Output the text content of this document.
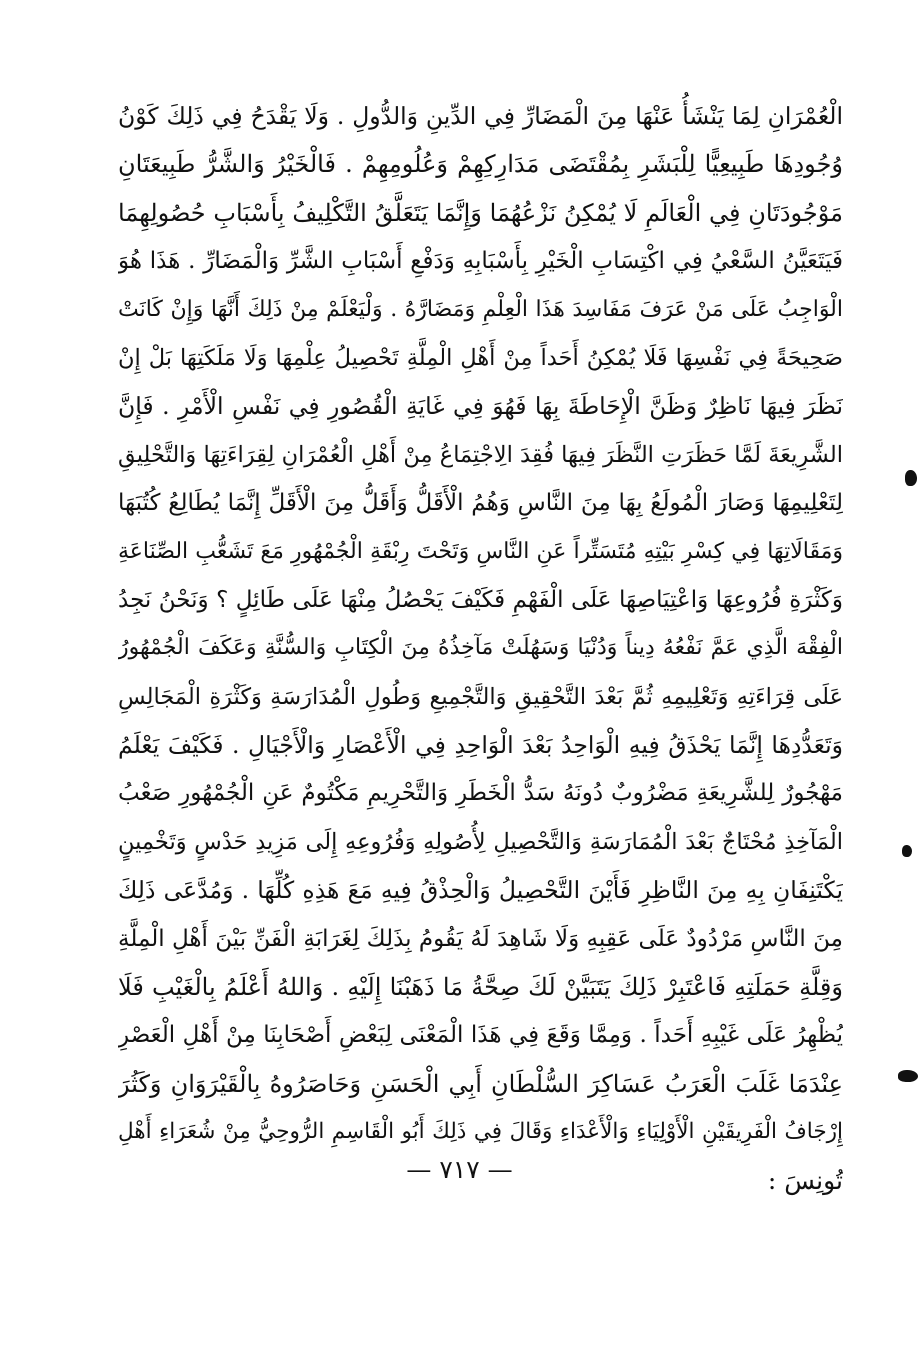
الْعُمْرَانِ لِمَا يَنْشَأُ عَنْهَا مِنَ الْمَضَارِّ فِي الدِّينِ وَالدُّولِ . وَلَا يَقْدَحُ فِي ذَلِكَ كَوْنُ
وُجُودِهَا طَبِيعِيًّا لِلْبَشَرِ بِمُقْتَضَى مَدَارِكِهِمْ وَعُلُومِهِمْ . فَالْخَيْرُ وَالشَّرُّ طَبِيعَتَانِ
مَوْجُودَتَانِ فِي الْعَالَمِ لَا يُمْكِنُ نَزْعُهُمَا وَإِنَّمَا يَتَعَلَّقُ التَّكْلِيفُ بِأَسْبَابِ حُصُولِهِمَا
فَيَتَعَيَّنُ السَّعْيُ فِي اكْتِسَابِ الْخَيْرِ بِأَسْبَابِهِ وَدَفْعِ أَسْبَابِ الشَّرِّ وَالْمَضَارِّ . هَذَا هُوَ
الْوَاجِبُ عَلَى مَنْ عَرَفَ مَفَاسِدَ هَذَا الْعِلْمِ وَمَضَارَّهُ . وَلْيَعْلَمْ مِنْ ذَلِكَ أَنَّهَا وَإِنْ كَانَتْ
صَحِيحَةً فِي نَفْسِهَا فَلَا يُمْكِنُ أَحَداً مِنْ أَهْلِ الْمِلَّةِ تَحْصِيلُ عِلْمِهَا وَلَا مَلَكَتِهَا بَلْ إِنْ
نَظَرَ فِيهَا نَاظِرٌ وَظَنَّ الْإِحَاطَةَ بِهَا فَهُوَ فِي غَايَةِ الْقُصُورِ فِي نَفْسِ الْأَمْرِ . فَإِنَّ
الشَّرِيعَةَ لَمَّا حَظَرَتِ النَّظَرَ فِيهَا فُقِدَ الِاجْتِمَاعُ مِنْ أَهْلِ الْعُمْرَانِ لِقِرَاءَتِهَا وَالتَّحْلِيقِ
لِتَعْلِيمِهَا وَصَارَ الْمُولَعُ بِهَا مِنَ النَّاسِ وَهُمُ الْأَقَلُّ وَأَقَلُّ مِنَ الْأَقَلِّ إِنَّمَا يُطَالِعُ كُتُبَهَا
وَمَقَالَاتِهَا فِي كِسْرِ بَيْتِهِ مُتَسَتِّراً عَنِ النَّاسِ وَتَحْتَ رِبْقَةِ الْجُمْهُورِ مَعَ تَشَعُّبِ الصِّنَاعَةِ
وَكَثْرَةِ فُرُوعِهَا وَاعْتِيَاصِهَا عَلَى الْفَهْمِ فَكَيْفَ يَحْصُلُ مِنْهَا عَلَى طَائِلٍ ؟ وَنَحْنُ نَجِدُ
الْفِقْهَ الَّذِي عَمَّ نَفْعُهُ دِيناً وَدُنْيَا وَسَهُلَتْ مَآخِذُهُ مِنَ الْكِتَابِ وَالسُّنَّةِ وَعَكَفَ الْجُمْهُورُ
عَلَى قِرَاءَتِهِ وَتَعْلِيمِهِ ثُمَّ بَعْدَ التَّحْقِيقِ وَالتَّجْمِيعِ وَطُولِ الْمُدَارَسَةِ وَكَثْرَةِ الْمَجَالِسِ
وَتَعَدُّدِهَا إِنَّمَا يَحْذَقُ فِيهِ الْوَاحِدُ بَعْدَ الْوَاحِدِ فِي الْأَعْصَارِ وَالْأَجْيَالِ . فَكَيْفَ يَعْلَمُ
مَهْجُورٌ لِلشَّرِيعَةِ مَضْرُوبٌ دُونَهُ سَدُّ الْخَطَرِ وَالتَّحْرِيمِ مَكْتُومٌ عَنِ الْجُمْهُورِ صَعْبُ
الْمَآخِذِ مُحْتَاجٌ بَعْدَ الْمُمَارَسَةِ وَالتَّحْصِيلِ لِأُصُولِهِ وَفُرُوعِهِ إِلَى مَزِيدِ حَدْسٍ وَتَخْمِينٍ
يَكْتَنِفَانِ بِهِ مِنَ النَّاظِرِ فَأَيْنَ التَّحْصِيلُ وَالْحِذْقُ فِيهِ مَعَ هَذِهِ كُلِّهَا . وَمُدَّعَى ذَلِكَ
مِنَ النَّاسِ مَرْدُودٌ عَلَى عَقِبِهِ وَلَا شَاهِدَ لَهُ يَقُومُ بِذَلِكَ لِغَرَابَةِ الْفَنِّ بَيْنَ أَهْلِ الْمِلَّةِ
وَقِلَّةِ حَمَلَتِهِ فَاعْتَبِرْ ذَلِكَ يَتَبَيَّنْ لَكَ صِحَّةُ مَا ذَهَبْنَا إِلَيْهِ . وَاللهُ أَعْلَمُ بِالْغَيْبِ فَلَا
يُظْهِرُ عَلَى غَيْبِهِ أَحَداً . وَمِمَّا وَقَعَ فِي هَذَا الْمَعْنَى لِبَعْضِ أَصْحَابِنَا مِنْ أَهْلِ الْعَصْرِ
عِنْدَمَا غَلَبَ الْعَرَبُ عَسَاكِرَ السُّلْطَانِ أَبِي الْحَسَنِ وَحَاصَرُوهُ بِالْقَيْرَوَانِ وَكَثُرَ
إِرْجَافُ الْفَرِيقَيْنِ الْأَوْلِيَاءِ وَالْأَعْدَاءِ وَقَالَ فِي ذَلِكَ أَبُو الْقَاسِمِ الرُّوحِيُّ مِنْ شُعَرَاءِ أَهْلِ
تُونِسَ :
— ٧١٧ —
